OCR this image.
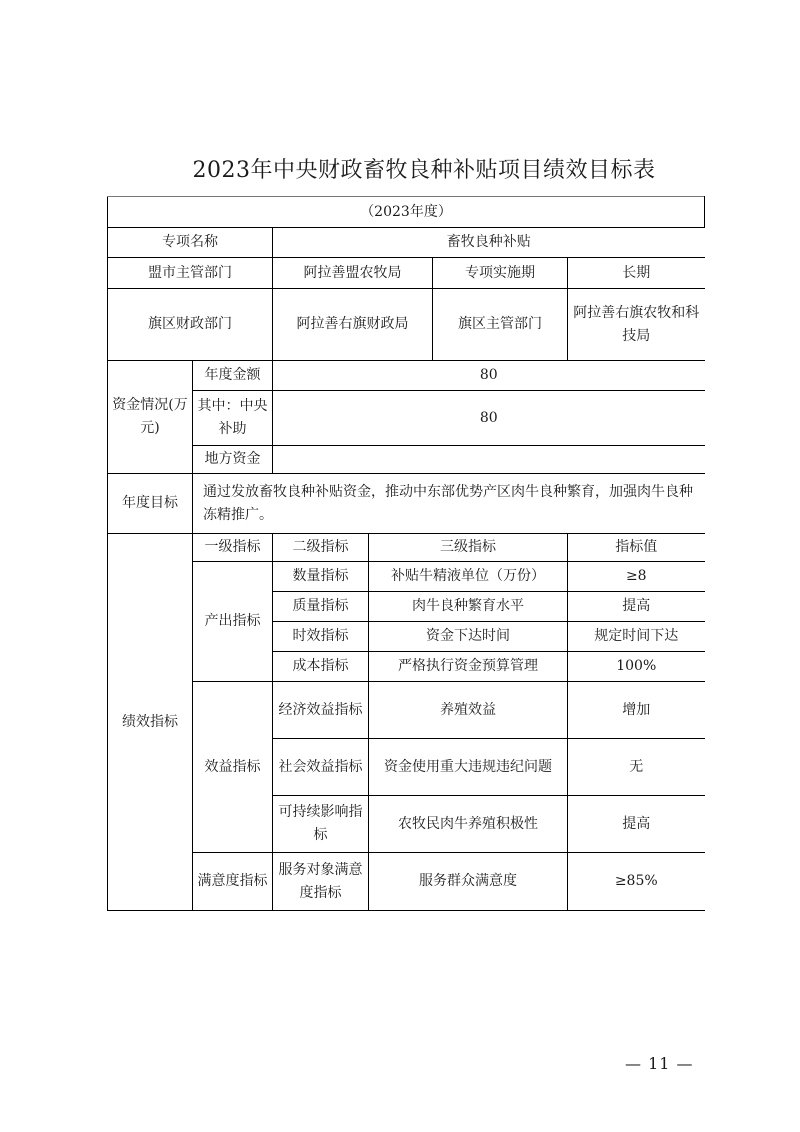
2023年中央财政畜牧良种补贴项目绩效目标表
（2023年度）					
专项名称		畜牧良种补贴			
盟市主管部门		阿拉善盟农牧局		专项实施期	长期
旗区财政部门		阿拉善右旗财政局		旗区主管部门	阿拉善右旗农牧和科技局
资金情况(万元)	年度金额	80			
	其中：中央补助	80			
	地方资金				
年度目标	通过发放畜牧良种补贴资金，推动中东部优势产区肉牛良种繁育，加强肉牛良种冻精推广。				
绩效指标	一级指标	二级指标	三级指标		指标值
	产出指标	数量指标	补贴牛精液单位（万份）		≥8
		质量指标	肉牛良种繁育水平		提高
		时效指标	资金下达时间		规定时间下达
		成本指标	严格执行资金预算管理		100%
	效益指标	经济效益指标	养殖效益		增加
		社会效益指标	资金使用重大违规违纪问题		无
		可持续影响指标	农牧民肉牛养殖积极性		提高
	满意度指标	服务对象满意度指标	服务群众满意度		≥85%
— 11 —
